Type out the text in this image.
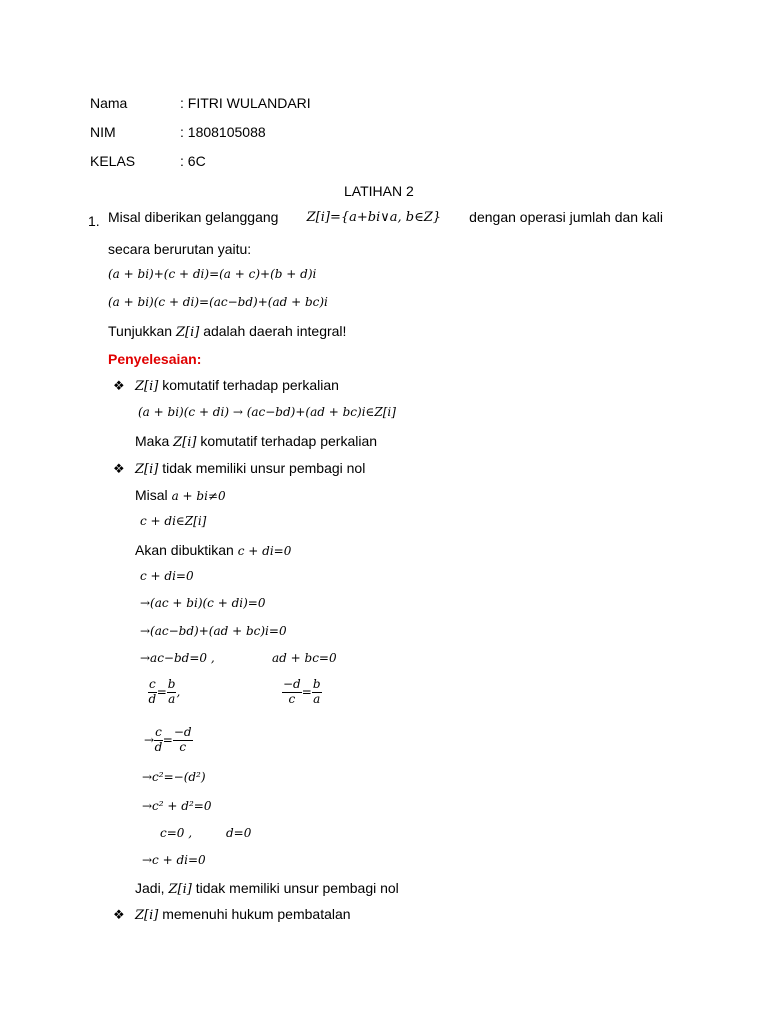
Nama	: FITRI WULANDARI
NIM	: 1808105088
KELAS	: 6C
LATIHAN 2
1. Misal diberikan gelanggang Z[i]={a+bi∨a, b∈Z} dengan operasi jumlah dan kali
secara berurutan yaitu:
(a + bi)+(c + di)=(a + c)+(b + d)i
(a + bi)(c + di)=(ac−bd)+(ad + bc)i
Tunjukkan Z[i] adalah daerah integral!
Penyelesaian:
❖ Z[i] komutatif terhadap perkalian
(a + bi)(c + di) → (ac−bd)+(ad + bc)i∈Z[i]
Maka Z[i] komutatif terhadap perkalian
❖ Z[i] tidak memiliki unsur pembagi nol
Misal a + bi≠0
c + di∈Z[i]
Akan dibuktikan c + di=0
c + di=0
→(ac + bi)(c + di)=0
→(ac−bd)+(ad + bc)i=0
→ac−bd=0 ,	ad + bc=0
$\frac{c}{d} = \frac{b}{a}$ ,	$\frac{-d}{c} = \frac{b}{a}$
→ $\frac{c}{d} = \frac{-d}{c}$
→c²=−(d²)
→c² + d²=0
c=0 ,	d=0
→c + di=0
Jadi, Z[i] tidak memiliki unsur pembagi nol
❖ Z[i] memenuhi hukum pembatalan
